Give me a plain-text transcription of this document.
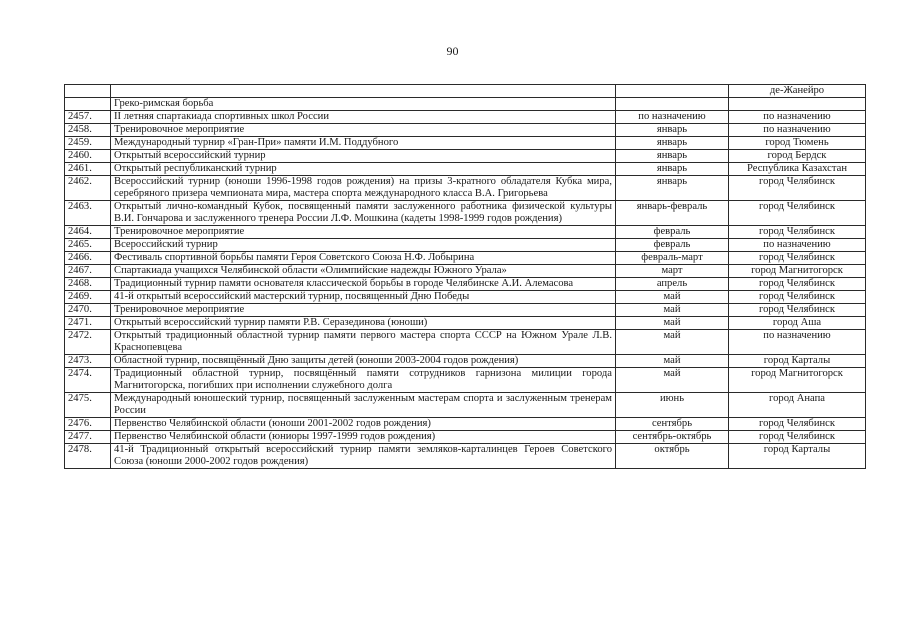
90
			де-Жанейро
	Греко-римская борьба		
2457.	II летняя спартакиада спортивных школ России	по назначению	по назначению
2458.	Тренировочное мероприятие	январь	по назначению
2459.	Международный турнир «Гран-При» памяти И.М. Поддубного	январь	город Тюмень
2460.	Открытый всероссийский турнир	январь	город Бердск
2461.	Открытый республиканский турнир	январь	Республика Казахстан
2462.	Всероссийский турнир (юноши 1996-1998 годов рождения) на призы 3-кратного обладателя Кубка мира, серебряного призера чемпионата мира, мастера спорта международного класса В.А. Григорьева	январь	город Челябинск
2463.	Открытый лично-командный Кубок, посвященный памяти заслуженного работника физической культуры В.И. Гончарова и заслуженного тренера России Л.Ф. Мошкина (кадеты 1998-1999 годов рождения)	январь-февраль	город Челябинск
2464.	Тренировочное мероприятие	февраль	город Челябинск
2465.	Всероссийский турнир	февраль	по назначению
2466.	Фестиваль спортивной борьбы памяти Героя Советского Союза Н.Ф. Лобырина	февраль-март	город Челябинск
2467.	Спартакиада учащихся Челябинской области «Олимпийские надежды Южного Урала»	март	город Магнитогорск
2468.	Традиционный турнир памяти основателя классической борьбы в городе Челябинске А.И. Алемасова	апрель	город Челябинск
2469.	41-й открытый всероссийский мастерский турнир, посвященный Дню Победы	май	город Челябинск
2470.	Тренировочное мероприятие	май	город Челябинск
2471.	Открытый всероссийский турнир памяти Р.В. Серазединова (юноши)	май	город Аша
2472.	Открытый традиционный областной турнир памяти первого мастера спорта СССР на Южном Урале Л.В. Краснопевцева	май	по назначению
2473.	Областной турнир, посвящённый Дню защиты детей (юноши 2003-2004 годов рождения)	май	город Карталы
2474.	Традиционный областной турнир, посвящённый памяти сотрудников гарнизона милиции города Магнитогорска, погибших при исполнении служебного долга	май	город Магнитогорск
2475.	Международный юношеский турнир, посвященный заслуженным мастерам спорта и заслуженным тренерам России	июнь	город Анапа
2476.	Первенство Челябинской области (юноши 2001-2002 годов рождения)	сентябрь	город Челябинск
2477.	Первенство Челябинской области (юниоры 1997-1999 годов рождения)	сентябрь-октябрь	город Челябинск
2478.	41-й Традиционный открытый всероссийский турнир памяти земляков-карталинцев Героев Советского Союза (юноши 2000-2002 годов рождения)	октябрь	город Карталы
